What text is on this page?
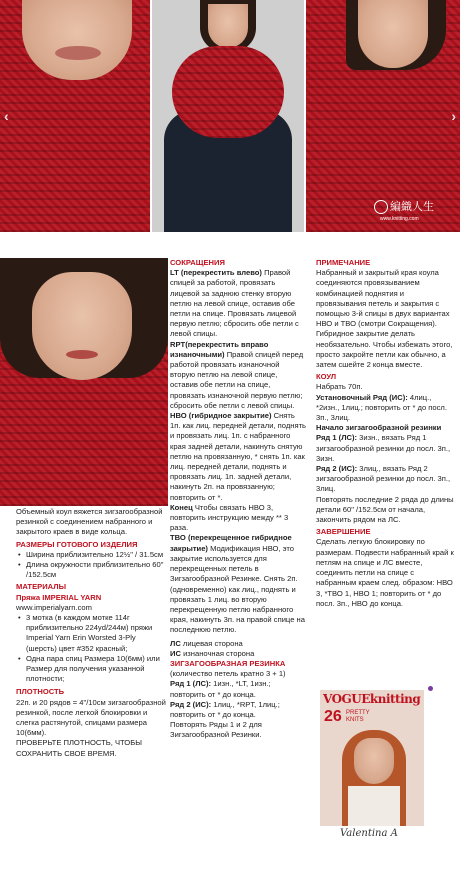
‹
編織人生
www.knitting.com
›

Объемный коул вяжется зигзагообразной резинкой с соединением набранного и закрытого краев в виде кольца.

РАЗМЕРЫ ГОТОВОГО ИЗДЕЛИЯ

• Ширина приблизительно 12½" / 31.5см

• Длина окружности приблизительно 60" /152.5см

МАТЕРИАЛЫ

Пряжа IMPERIAL YARN

www.imperialyarn.com

• 3 мотка (в каждом мотке 114г приблизительно 224yd/244м) пряжи Imperial Yarn Erin Worsted 3-Ply (шерсть) цвет #352 красный;

• Одна пара спиц Размера 10(6мм) или Размер для получения указанной плотности;

ПЛОТНОСТЬ

22п. и 20 рядов = 4"/10см зигзагообразной резинкой, после легкой блокировки и слегка растянутой, спицами размера 10(6мм).

ПРОВЕРЬТЕ ПЛОТНОСТЬ, ЧТОБЫ СОХРАНИТЬ СВОЕ ВРЕМЯ.

СОКРАЩЕНИЯ

LT (перекрестить влево) Правой спицей за работой, провязать лицевой за заднюю стенку вторую петлю на левой спице, оставив обе петли на спице. Провязать лицевой первую петлю; сбросить обе петли с левой спицы.

RPT(перекрестить вправо изнаночными) Правой спицей перед работой провязать изнаночной вторую петлю на левой спице, оставив обе петли на спице, провязать изнаночной первую петлю; сбросить обе петли с левой спицы.

НВО (гибридное закрытие) Снять 1п. как лиц. передней детали, поднять и провязать лиц. 1п. с набранного края задней детали, накинуть снятую петлю на провязанную, * снять 1п. как лиц. передней детали, поднять и провязать лиц. 1п. задней детали, накинуть 2п. на провязанную; повторить от *.

Конец Чтобы связать НВО 3, повторить инструкцию между ** 3 раза.

ТВО (перекрещенное гибридное закрытие) Модификация НВО, это закрытие используется для перекрещенных петель в Зигзагообразной Резинке. Снять 2п. (одновременно) как лиц., поднять и провязать 1 лиц. во вторую перекрещенную петлю набранного края, накинуть 3п. на правой спице на последнюю петлю.

ЛС лицевая сторона

ИС изнаночная сторона

ЗИГЗАГООБРАЗНАЯ РЕЗИНКА

(количество петель кратно 3 + 1)

Ряд 1 (ЛС): 1изн., *LT, 1изн.; повторить от * до конца.

Ряд 2 (ИС): 1лиц., *RPT, 1лиц.; повторить от * до конца.

Повторять Ряды 1 и 2 для Зигзагообразной Резинки.

ПРИМЕЧАНИЕ

Набранный и закрытый края коула соединяются провязыванием комбинацией поднятия и провязывания петель и закрытия с помощью 3-й спицы в двух вариантах НВО и ТВО (смотри Сокращения). Гибридное закрытие делать необязательно. Чтобы избежать этого, просто закройте петли как обычно, а затем сшейте 2 конца вместе.

КОУЛ

Набрать 70п.

Установочный Ряд (ИС): 4лиц., *2изн., 1лиц.; повторить от * до посл. 3п., 3лиц.

Начало зигзагообразной резинки

Ряд 1 (ЛС): 3изн., вязать Ряд 1 зигзагообразной резинки до посл. 3п., 3изн.

Ряд 2 (ИС): 3лиц., вязать Ряд 2 зигзагообразной резинки до посл. 3п., 3лиц.

Повторять последние 2 ряда до длины детали 60" /152.5см от начала, закончить рядом на ЛС.

ЗАВЕРШЕНИЕ

Сделать легкую блокировку по размерам. Подвести набранный край к петлям на спице и ЛС вместе, соединить петли на спице с набранным краем след. образом: НВО 3, *ТВО 1, НВО 1; повторить от * до посл. 3п., НВО до конца.

VOGUEknitting
26 PRETTY KNITS
Valentina A
